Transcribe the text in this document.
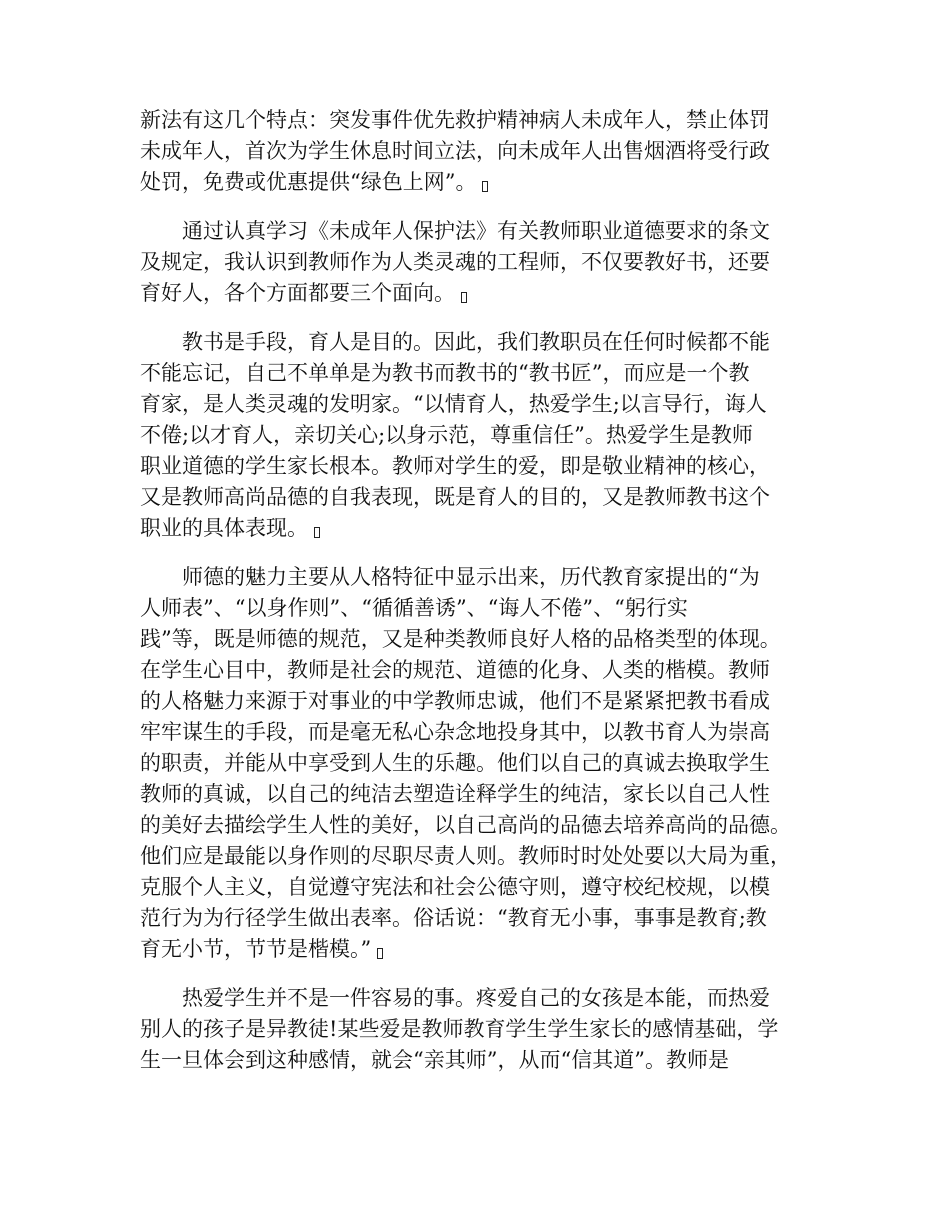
新法有这几个特点：突发事件优先救护精神病人未成年人，禁止体罚
未成年人，首次为学生休息时间立法，向未成年人出售烟酒将受行政
处罚，免费或优惠提供“绿色上网”。

通过认真学习《未成年人保护法》有关教师职业道德要求的条文
及规定，我认识到教师作为人类灵魂的工程师，不仅要教好书，还要
育好人，各个方面都要三个面向。

教书是手段，育人是目的。因此，我们教职员在任何时候都不能
不能忘记，自己不单单是为教书而教书的“教书匠”，而应是一个教
育家，是人类灵魂的发明家。“以情育人，热爱学生;以言导行，诲人
不倦;以才育人，亲切关心;以身示范，尊重信任”。热爱学生是教师
职业道德的学生家长根本。教师对学生的爱，即是敬业精神的核心，
又是教师高尚品德的自我表现，既是育人的目的，又是教师教书这个
职业的具体表现。

师德的魅力主要从人格特征中显示出来，历代教育家提出的“为
人师表”、“以身作则”、“循循善诱”、“诲人不倦”、“躬行实
践”等，既是师德的规范，又是种类教师良好人格的品格类型的体现。
在学生心目中，教师是社会的规范、道德的化身、人类的楷模。教师
的人格魅力来源于对事业的中学教师忠诚，他们不是紧紧把教书看成
牢牢谋生的手段，而是毫无私心杂念地投身其中，以教书育人为崇高
的职责，并能从中享受到人生的乐趣。他们以自己的真诚去换取学生
教师的真诚，以自己的纯洁去塑造诠释学生的纯洁，家长以自己人性
的美好去描绘学生人性的美好，以自己高尚的品德去培养高尚的品德。
他们应是最能以身作则的尽职尽责人则。教师时时处处要以大局为重，
克服个人主义，自觉遵守宪法和社会公德守则，遵守校纪校规，以模
范行为为行径学生做出表率。俗话说：“教育无小事，事事是教育;教
育无小节，节节是楷模。”

热爱学生并不是一件容易的事。疼爱自己的女孩是本能，而热爱
别人的孩子是异教徒!某些爱是教师教育学生学生家长的感情基础，学
生一旦体会到这种感情，就会“亲其师”，从而“信其道”。教师是
